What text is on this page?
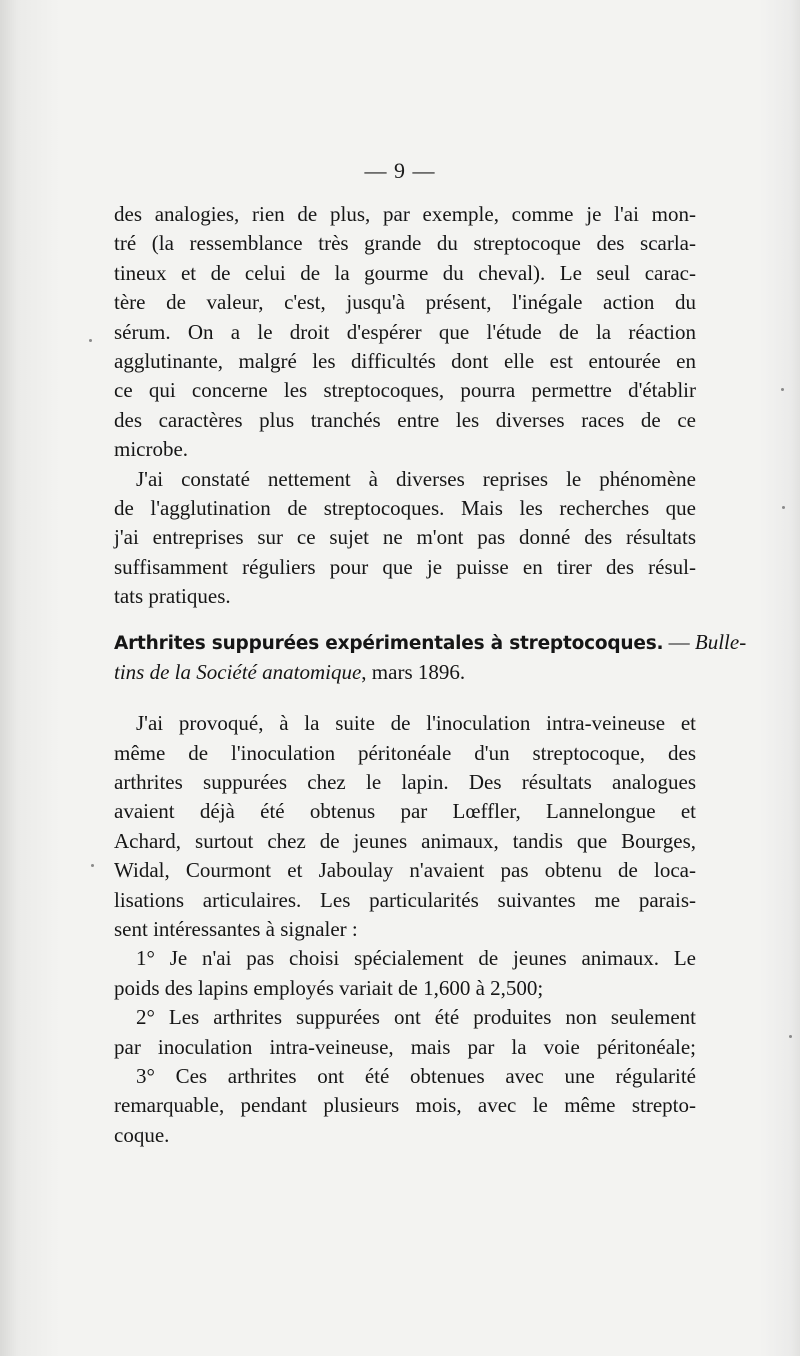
— 9 —
des analogies, rien de plus, par exemple, comme je l'ai mon-
tré (la ressemblance très grande du streptocoque des scarla-
tineux et de celui de la gourme du cheval). Le seul carac-
tère de valeur, c'est, jusqu'à présent, l'inégale action du
sérum. On a le droit d'espérer que l'étude de la réaction
agglutinante, malgré les difficultés dont elle est entourée en
ce qui concerne les streptocoques, pourra permettre d'établir
des caractères plus tranchés entre les diverses races de ce
microbe.
J'ai constaté nettement à diverses reprises le phénomène
de l'agglutination de streptocoques. Mais les recherches que
j'ai entreprises sur ce sujet ne m'ont pas donné des résultats
suffisamment réguliers pour que je puisse en tirer des résul-
tats pratiques.
Arthrites suppurées expérimentales à streptocoques. — Bulle-
tins de la Société anatomique, mars 1896.
J'ai provoqué, à la suite de l'inoculation intra-veineuse et
même de l'inoculation péritonéale d'un streptocoque, des
arthrites suppurées chez le lapin. Des résultats analogues
avaient déjà été obtenus par Lœffler, Lannelongue et
Achard, surtout chez de jeunes animaux, tandis que Bourges,
Widal, Courmont et Jaboulay n'avaient pas obtenu de loca-
lisations articulaires. Les particularités suivantes me parais-
sent intéressantes à signaler :
1° Je n'ai pas choisi spécialement de jeunes animaux. Le
poids des lapins employés variait de 1,600 à 2,500;
2° Les arthrites suppurées ont été produites non seulement
par inoculation intra-veineuse, mais par la voie péritonéale;
3° Ces arthrites ont été obtenues avec une régularité
remarquable, pendant plusieurs mois, avec le même strepto-
coque.
